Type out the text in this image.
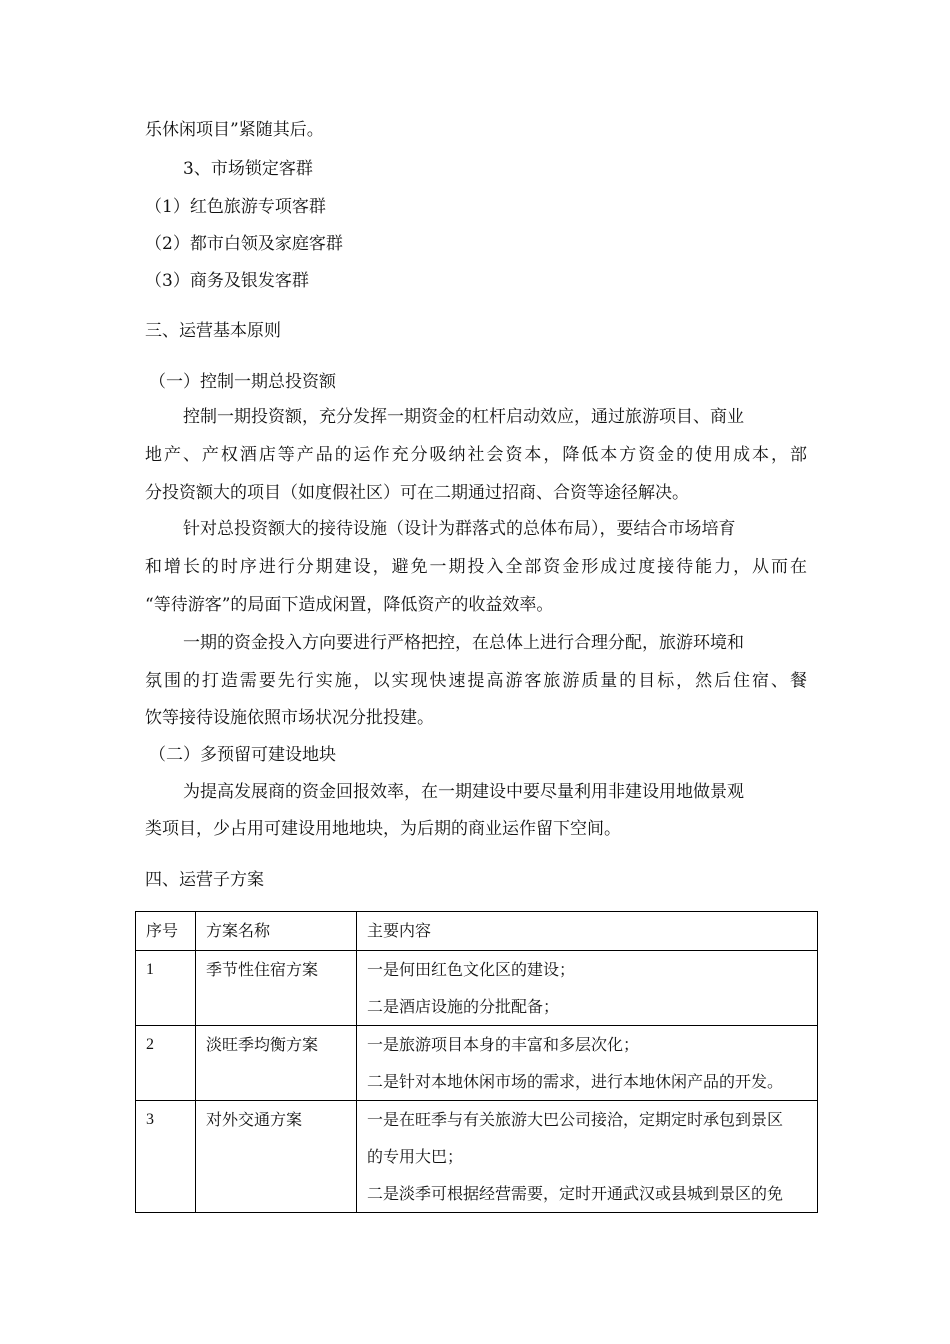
乐休闲项目”紧随其后。
3、市场锁定客群
（1）红色旅游专项客群
（2）都市白领及家庭客群
（3）商务及银发客群
三、运营基本原则
（一）控制一期总投资额
控制一期投资额，充分发挥一期资金的杠杆启动效应，通过旅游项目、商业
地产、产权酒店等产品的运作充分吸纳社会资本，降低本方资金的使用成本，部
分投资额大的项目（如度假社区）可在二期通过招商、合资等途径解决。
针对总投资额大的接待设施（设计为群落式的总体布局），要结合市场培育
和增长的时序进行分期建设，避免一期投入全部资金形成过度接待能力，从而在
“等待游客”的局面下造成闲置，降低资产的收益效率。
一期的资金投入方向要进行严格把控，在总体上进行合理分配，旅游环境和
氛围的打造需要先行实施，以实现快速提高游客旅游质量的目标，然后住宿、餐
饮等接待设施依照市场状况分批投建。
（二）多预留可建设地块
为提高发展商的资金回报效率，在一期建设中要尽量利用非建设用地做景观
类项目，少占用可建设用地地块，为后期的商业运作留下空间。
四、运营子方案
序号	方案名称	主要内容
1	季节性住宿方案	一是何田红色文化区的建设；
二是酒店设施的分批配备；

2	淡旺季均衡方案	一是旅游项目本身的丰富和多层次化；
二是针对本地休闲市场的需求，进行本地休闲产品的开发。

3	对外交通方案	一是在旺季与有关旅游大巴公司接洽，定期定时承包到景区
的专用大巴；
二是淡季可根据经营需要，定时开通武汉或县城到景区的免
